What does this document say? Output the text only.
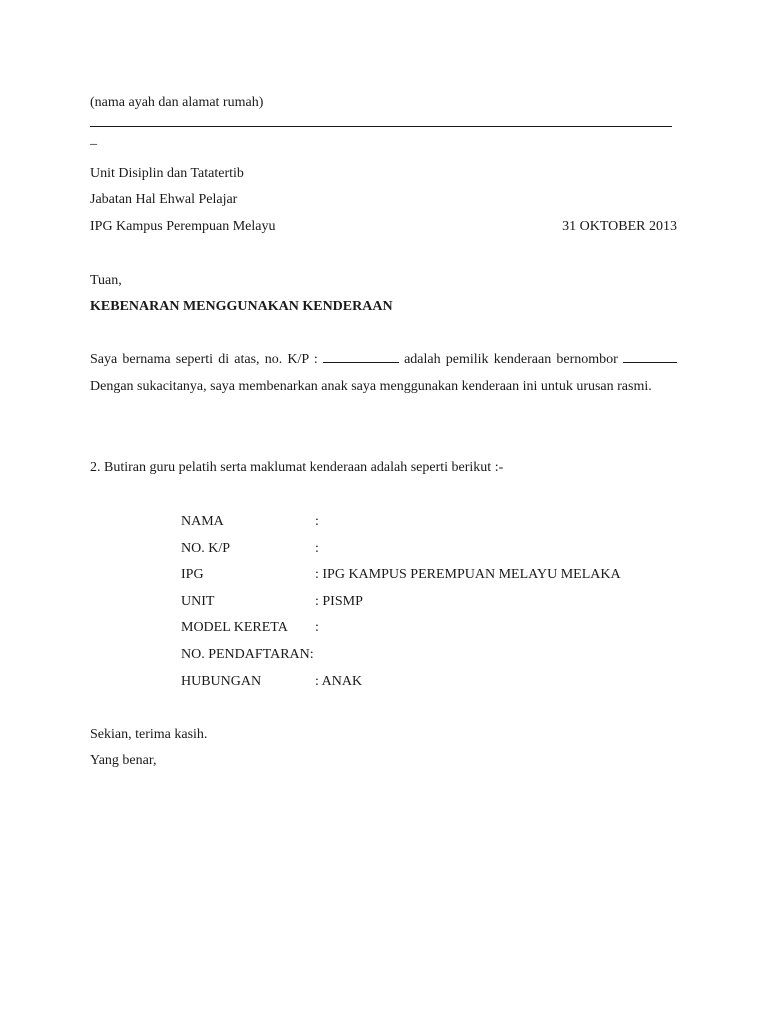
(nama ayah dan alamat rumah)
_
Unit Disiplin dan Tatatertib
Jabatan Hal Ehwal Pelajar
IPG Kampus Perempuan Melayu	31 OKTOBER 2013
Tuan,
KEBENARAN MENGGUNAKAN KENDERAAN
Saya bernama seperti di atas, no. K/P :	adalah pemilik kenderaan bernombor  Dengan sukacitanya, saya membenarkan anak saya menggunakan kenderaan ini untuk urusan rasmi.
2. Butiran guru pelatih serta maklumat kenderaan adalah seperti berikut :-
NAMA	:
NO. K/P	:
IPG	: IPG KAMPUS PEREMPUAN MELAYU MELAKA
UNIT	: PISMP
MODEL KERETA :
NO. PENDAFTARAN:
HUBUNGAN	: ANAK
Sekian, terima kasih.
Yang benar,
